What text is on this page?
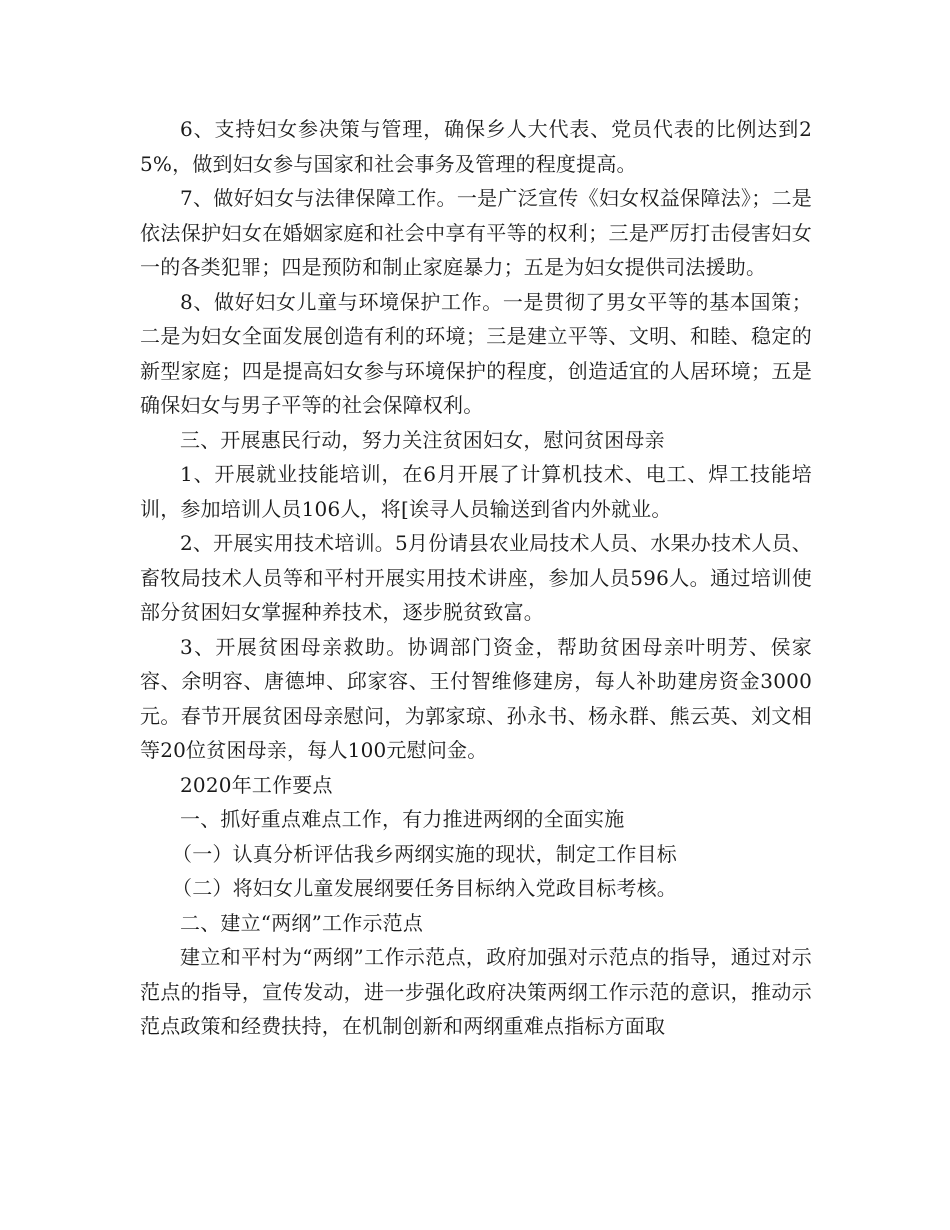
6、支持妇女参决策与管理，确保乡人大代表、党员代表的比例达到25%，做到妇女参与国家和社会事务及管理的程度提高。

7、做好妇女与法律保障工作。一是广泛宣传《妇女权益保障法》；二是依法保护妇女在婚姻家庭和社会中享有平等的权利；三是严厉打击侵害妇女一的各类犯罪；四是预防和制止家庭暴力；五是为妇女提供司法援助。

8、做好妇女儿童与环境保护工作。一是贯彻了男女平等的基本国策；二是为妇女全面发展创造有利的环境；三是建立平等、文明、和睦、稳定的新型家庭；四是提高妇女参与环境保护的程度，创造适宜的人居环境；五是确保妇女与男子平等的社会保障权利。

三、开展惠民行动，努力关注贫困妇女，慰问贫困母亲

1、开展就业技能培训，在6月开展了计算机技术、电工、焊工技能培训，参加培训人员106人，将[诶寻人员输送到省内外就业。

2、开展实用技术培训。5月份请县农业局技术人员、水果办技术人员、畜牧局技术人员等和平村开展实用技术讲座，参加人员596人。通过培训使部分贫困妇女掌握种养技术，逐步脱贫致富。

3、开展贫困母亲救助。协调部门资金，帮助贫困母亲叶明芳、侯家容、余明容、唐德坤、邱家容、王付智维修建房，每人补助建房资金3000元。春节开展贫困母亲慰问，为郭家琼、孙永书、杨永群、熊云英、刘文相等20位贫困母亲，每人100元慰问金。

2020年工作要点

一、抓好重点难点工作，有力推进两纲的全面实施

（一）认真分析评估我乡两纲实施的现状，制定工作目标

（二）将妇女儿童发展纲要任务目标纳入党政目标考核。

二、建立“两纲”工作示范点

建立和平村为“两纲”工作示范点，政府加强对示范点的指导，通过对示范点的指导，宣传发动，进一步强化政府决策两纲工作示范的意识，推动示范点政策和经费扶持，在机制创新和两纲重难点指标方面取
